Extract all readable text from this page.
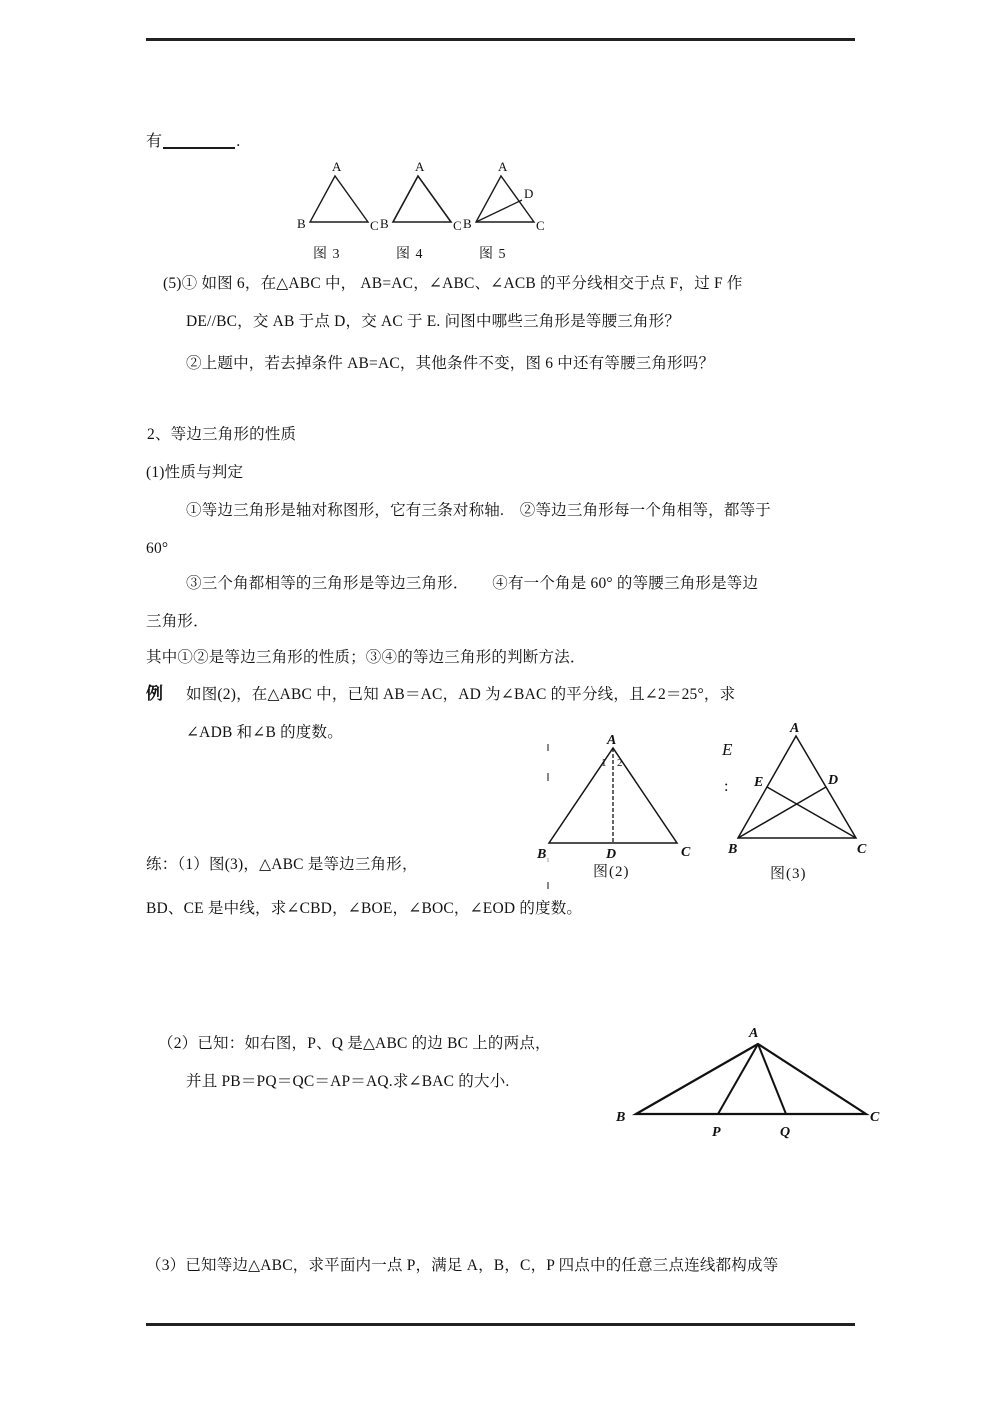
有	.
A
B	C
图 3
A
B	C
图 4
A
D
B	C
图 5
(5)① 如图 6，在△ABC 中， AB=AC，∠ABC、∠ACB 的平分线相交于点 F，过 F 作
DE//BC，交 AB 于点 D，交 AC 于 E. 问图中哪些三角形是等腰三角形？
②上题中，若去掉条件 AB=AC，其他条件不变，图 6 中还有等腰三角形吗？
2、等边三角形的性质
(1)性质与判定
①等边三角形是轴对称图形，它有三条对称轴.　②等边三角形每一个角相等，都等于
60°
③三个角都相等的三角形是等边三角形．　　④有一个角是 60° 的等腰三角形是等边
三角形．
其中①②是等边三角形的性质；③④的等边三角形的判断方法．
例 如图(2)，在△ABC 中，已知 AB＝AC，AD 为∠BAC 的平分线，且∠2＝25°，求
∠ADB 和∠B 的度数。	A
1 2
B	D	C
图(2)
A
D
E
B	C
图(3)
E
:
练：（1）图(3)，△ABC 是等边三角形，
BD、CE 是中线，求∠CBD，∠BOE，∠BOC，∠EOD 的度数。
（2）已知：如右图，P、Q 是△ABC 的边 BC 上的两点，
并且 PB＝PQ＝QC＝AP＝AQ.求∠BAC 的大小.
A
B
P	Q
C
（3）已知等边△ABC，求平面内一点 P，满足 A，B，C，P 四点中的任意三点连线都构成等
